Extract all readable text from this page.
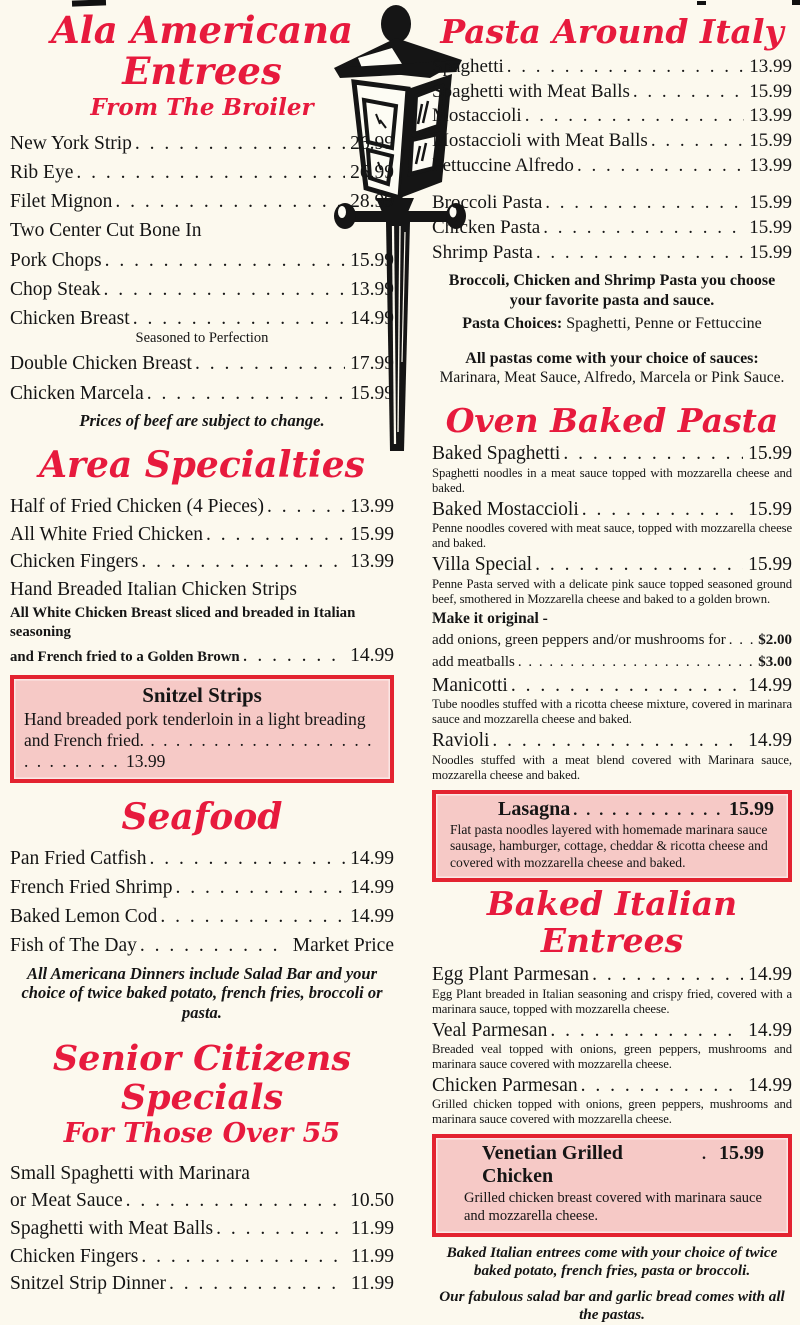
Ala Americana Entrees
From The Broiler
New York Strip . . .	26.99
Rib Eye . . .	26.99
Filet Mignon . . .	28.99
Two Center Cut Bone In
Pork Chops . . .	15.99
Chop Steak . . .	13.99
Chicken Breast . . .	14.99
Seasoned to Perfection
Double Chicken Breast . . .	17.99
Chicken Marcela . . .	15.99

Prices of beef are subject to change.

Area Specialties
Half of Fried Chicken (4 Pieces) . . .	13.99
All White Fried Chicken . . .	15.99
Chicken Fingers . . .	13.99
Hand Breaded Italian Chicken Strips
All White Chicken Breast sliced and breaded in Italian seasoning
and French fried to a Golden Brown . . .	14.99
Snitzel Strips
Hand breaded pork tenderloin in a light breading and French fried. . . . 13.99
Seafood
Pan Fried Catfish . . .	14.99
French Fried Shrimp . . .	14.99
Baked Lemon Cod . . .	14.99
Fish of The Day . . .	Market Price

All Americana Dinners include Salad Bar and your choice of twice baked potato, french fries, broccoli or pasta.

Senior Citizens Specials
For Those Over 55
Small Spaghetti with Marinara
or Meat Sauce . . .	10.50
Spaghetti with Meat Balls . . .	11.99
Chicken Fingers . . .	11.99
Snitzel Strip Dinner . . .	11.99
Pasta Around Italy
Spaghetti . . .	13.99
Spaghetti with Meat Balls . . .	15.99
Mostaccioli . . .	13.99
Mostaccioli with Meat Balls . . .	15.99
Fettuccine Alfredo . . .	13.99
Broccoli Pasta . . .	15.99
Chicken Pasta . . .	15.99
Shrimp Pasta . . .	15.99

Broccoli, Chicken and Shrimp Pasta you choose your favorite pasta and sauce.

Pasta Choices: Spaghetti, Penne or Fettuccine

All pastas come with your choice of sauces:

Marinara, Meat Sauce, Alfredo, Marcela or Pink Sauce.

Oven Baked Pasta
Baked Spaghetti . . .	15.99
Spaghetti noodles in a meat sauce topped with mozzarella cheese and baked.
Baked Mostaccioli . . .	15.99
Penne noodles covered with meat sauce, topped with mozzarella cheese and baked.
Villa Special . . .	15.99
Penne Pasta served with a delicate pink sauce topped seasoned ground beef, smothered in Mozzarella cheese and baked to a golden brown.
Make it original -
add onions, green peppers and/or mushrooms for . . . $2.00
add meatballs . . .	$3.00
Manicotti . . .	14.99
Tube noodles stuffed with a ricotta cheese mixture, covered in marinara sauce and mozzarella cheese and baked.
Ravioli . . .	14.99
Noodles stuffed with a meat blend covered with Marinara sauce, mozzarella cheese and baked.
Lasagna . . .	15.99
Flat pasta noodles layered with homemade marinara sauce sausage, hamburger, cottage, cheddar & ricotta cheese and covered with mozzarella cheese and baked.
Baked Italian Entrees
Egg Plant Parmesan . . .	14.99
Egg Plant breaded in Italian seasoning and crispy fried, covered with a marinara sauce, topped with mozzarella cheese.
Veal Parmesan . . .	14.99
Breaded veal topped with onions, green peppers, mushrooms and marinara sauce covered with mozzarella cheese.
Chicken Parmesan . . .	14.99
Grilled chicken topped with onions, green peppers, mushrooms and marinara sauce covered with mozzarella cheese.
Venetian Grilled Chicken
. . .
15.99
Grilled chicken breast covered with marinara sauce and mozzarella cheese.

Baked Italian entrees come with your choice of twice baked potato, french fries, pasta or broccoli.

Our fabulous salad bar and garlic bread comes with all the pastas.
